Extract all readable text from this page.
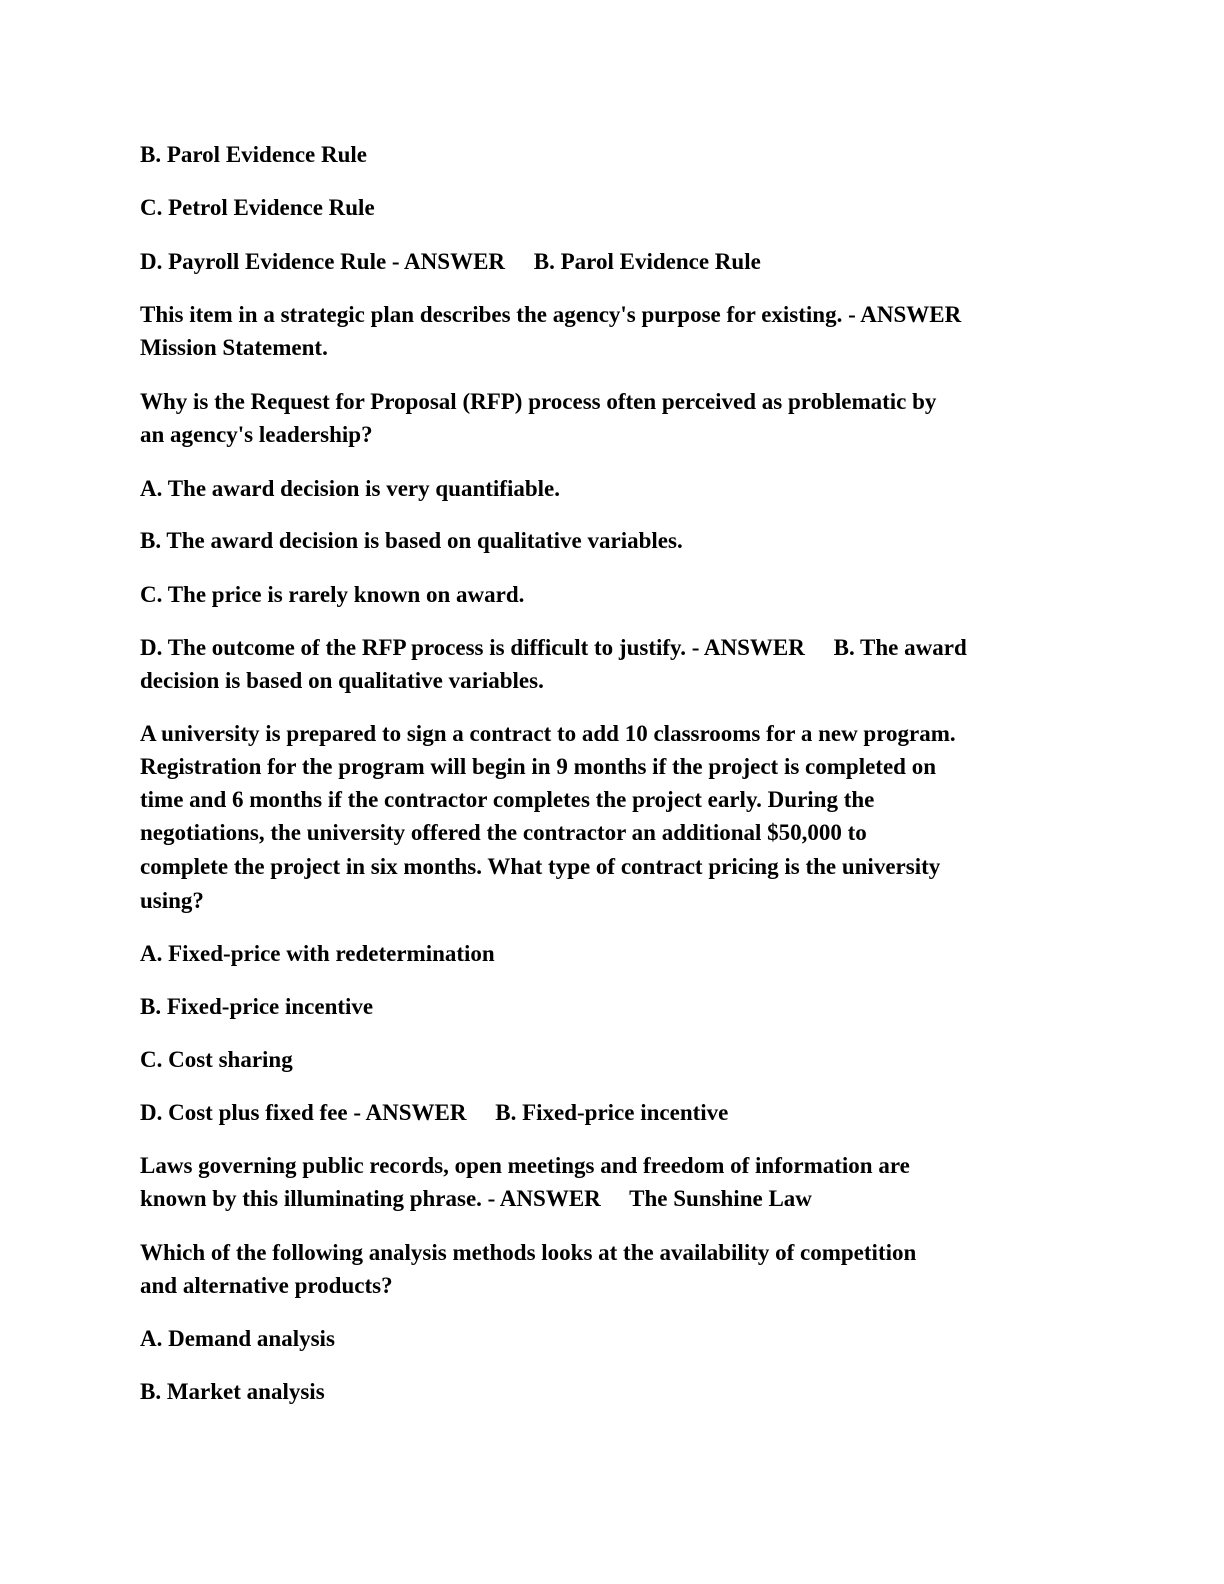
B. Parol Evidence Rule
C. Petrol Evidence Rule
D. Payroll Evidence Rule - ANSWER     B. Parol Evidence Rule
This item in a strategic plan describes the agency's purpose for existing. - ANSWER
Mission Statement.
Why is the Request for Proposal (RFP) process often perceived as problematic by
an agency's leadership?
A. The award decision is very quantifiable.
B. The award decision is based on qualitative variables.
C. The price is rarely known on award.
D. The outcome of the RFP process is difficult to justify. - ANSWER     B. The award
decision is based on qualitative variables.
A university is prepared to sign a contract to add 10 classrooms for a new program.
Registration for the program will begin in 9 months if the project is completed on
time and 6 months if the contractor completes the project early. During the
negotiations, the university offered the contractor an additional $50,000 to
complete the project in six months. What type of contract pricing is the university
using?
A. Fixed-price with redetermination
B. Fixed-price incentive
C. Cost sharing
D. Cost plus fixed fee - ANSWER     B. Fixed-price incentive
Laws governing public records, open meetings and freedom of information are
known by this illuminating phrase. - ANSWER     The Sunshine Law
Which of the following analysis methods looks at the availability of competition
and alternative products?
A. Demand analysis
B. Market analysis
